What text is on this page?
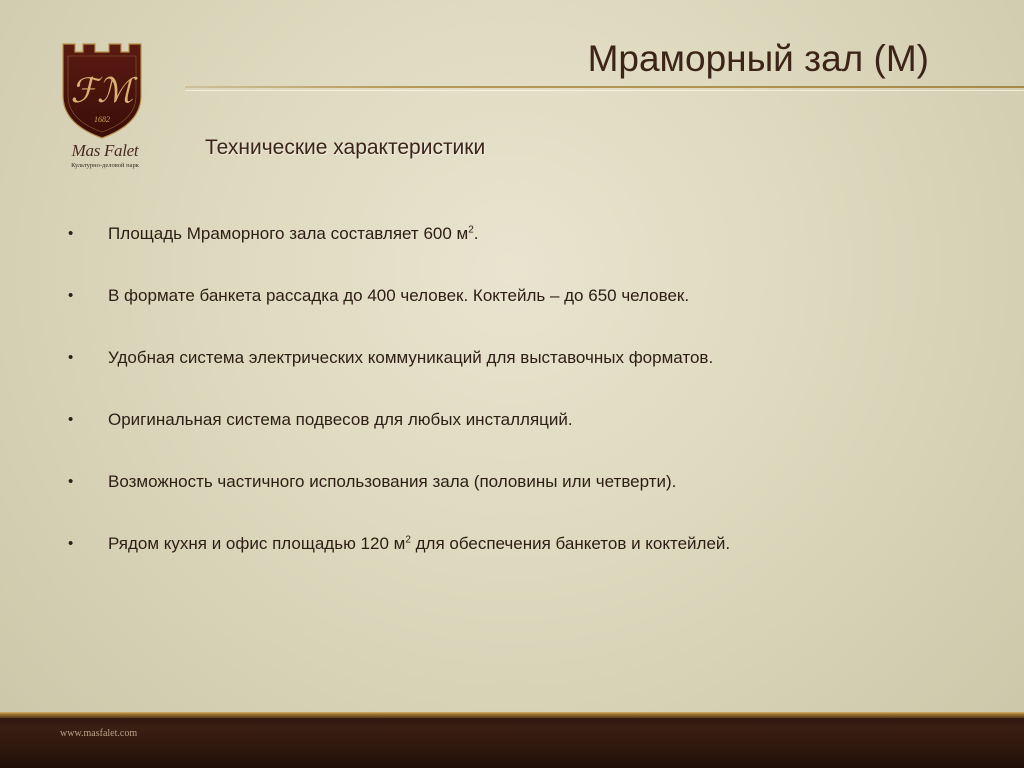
ℱℳ
1682
Mas Falet
Культурно-деловой парк
Мраморный зал (М)
Технические характеристики
• Площадь Мраморного зала составляет 600 $м^2$.
• В формате банкета рассадка до 400 человек. Коктейль – до 650 человек.
• Удобная система электрических коммуникаций для выставочных форматов.
• Оригинальная система подвесов для любых инсталляций.
• Возможность частичного использования зала (половины или четверти).
• Рядом кухня и офис площадью 120 $м^2$ для обеспечения банкетов и коктейлей.
www.masfalet.com
